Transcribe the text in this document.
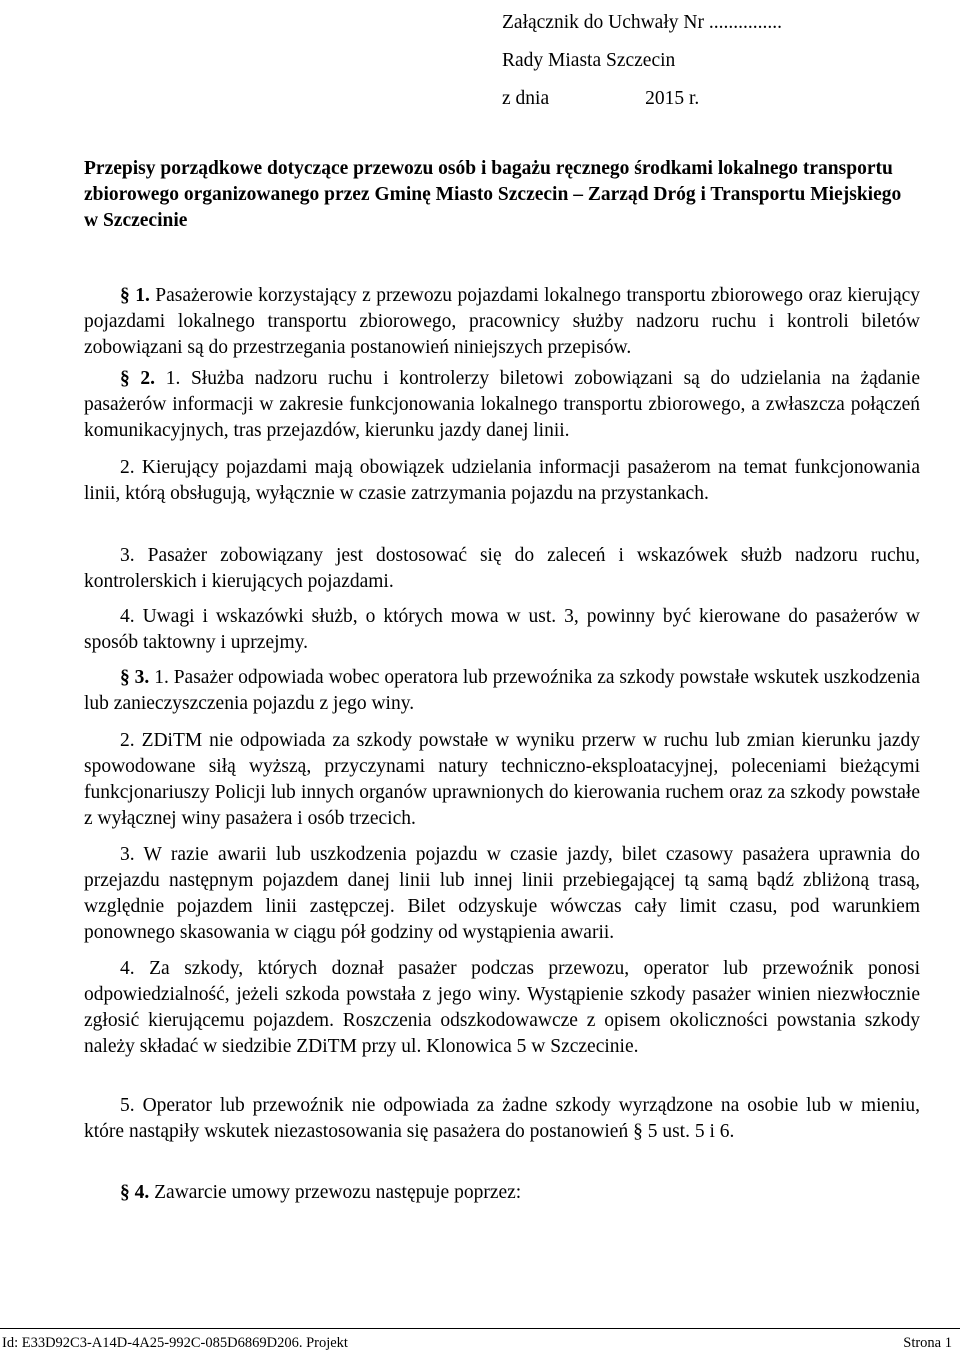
Załącznik do Uchwały Nr ...............
Rady Miasta Szczecin
z dnia	2015 r.
Przepisy porządkowe dotyczące przewozu osób i bagażu ręcznego środkami lokalnego transportu zbiorowego organizowanego przez Gminę Miasto Szczecin – Zarząd Dróg i Transportu Miejskiego w Szczecinie
§ 1. Pasażerowie korzystający z przewozu pojazdami lokalnego transportu zbiorowego oraz kierujący pojazdami lokalnego transportu zbiorowego, pracownicy służby nadzoru ruchu i kontroli biletów zobowiązani są do przestrzegania postanowień niniejszych przepisów.
§ 2. 1. Służba nadzoru ruchu i kontrolerzy biletowi zobowiązani są do udzielania na żądanie pasażerów informacji w zakresie funkcjonowania lokalnego transportu zbiorowego, a zwłaszcza połączeń komunikacyjnych, tras przejazdów, kierunku jazdy danej linii.
2. Kierujący pojazdami mają obowiązek udzielania informacji pasażerom na temat funkcjonowania linii, którą obsługują, wyłącznie w czasie zatrzymania pojazdu na przystankach.
3. Pasażer zobowiązany jest dostosować się do zaleceń i wskazówek służb nadzoru ruchu, kontrolerskich i kierujących pojazdami.
4. Uwagi i wskazówki służb, o których mowa w ust. 3, powinny być kierowane do pasażerów w sposób taktowny i uprzejmy.
§ 3. 1. Pasażer odpowiada wobec operatora lub przewoźnika za szkody powstałe wskutek uszkodzenia lub zanieczyszczenia pojazdu z jego winy.
2. ZDiTM nie odpowiada za szkody powstałe w wyniku przerw w ruchu lub zmian kierunku jazdy spowodowane siłą wyższą, przyczynami natury techniczno-eksploatacyjnej, poleceniami bieżącymi funkcjonariuszy Policji lub innych organów uprawnionych do kierowania ruchem oraz za szkody powstałe z wyłącznej winy pasażera i osób trzecich.
3. W razie awarii lub uszkodzenia pojazdu w czasie jazdy, bilet czasowy pasażera uprawnia do przejazdu następnym pojazdem danej linii lub innej linii przebiegającej tą samą bądź zbliżoną trasą, względnie pojazdem linii zastępczej. Bilet odzyskuje wówczas cały limit czasu, pod warunkiem ponownego skasowania w ciągu pół godziny od wystąpienia awarii.
4. Za szkody, których doznał pasażer podczas przewozu, operator lub przewoźnik ponosi odpowiedzialność, jeżeli szkoda powstała z jego winy. Wystąpienie szkody pasażer winien niezwłocznie zgłosić kierującemu pojazdem. Roszczenia odszkodowawcze z opisem okoliczności powstania szkody należy składać w siedzibie ZDiTM przy ul. Klonowica 5 w Szczecinie.
5. Operator lub przewoźnik nie odpowiada za żadne szkody wyrządzone na osobie lub w mieniu, które nastąpiły wskutek niezastosowania się pasażera do postanowień § 5 ust. 5 i 6.
§ 4. Zawarcie umowy przewozu następuje poprzez:
Id: E33D92C3-A14D-4A25-992C-085D6869D206. Projekt	Strona 1
